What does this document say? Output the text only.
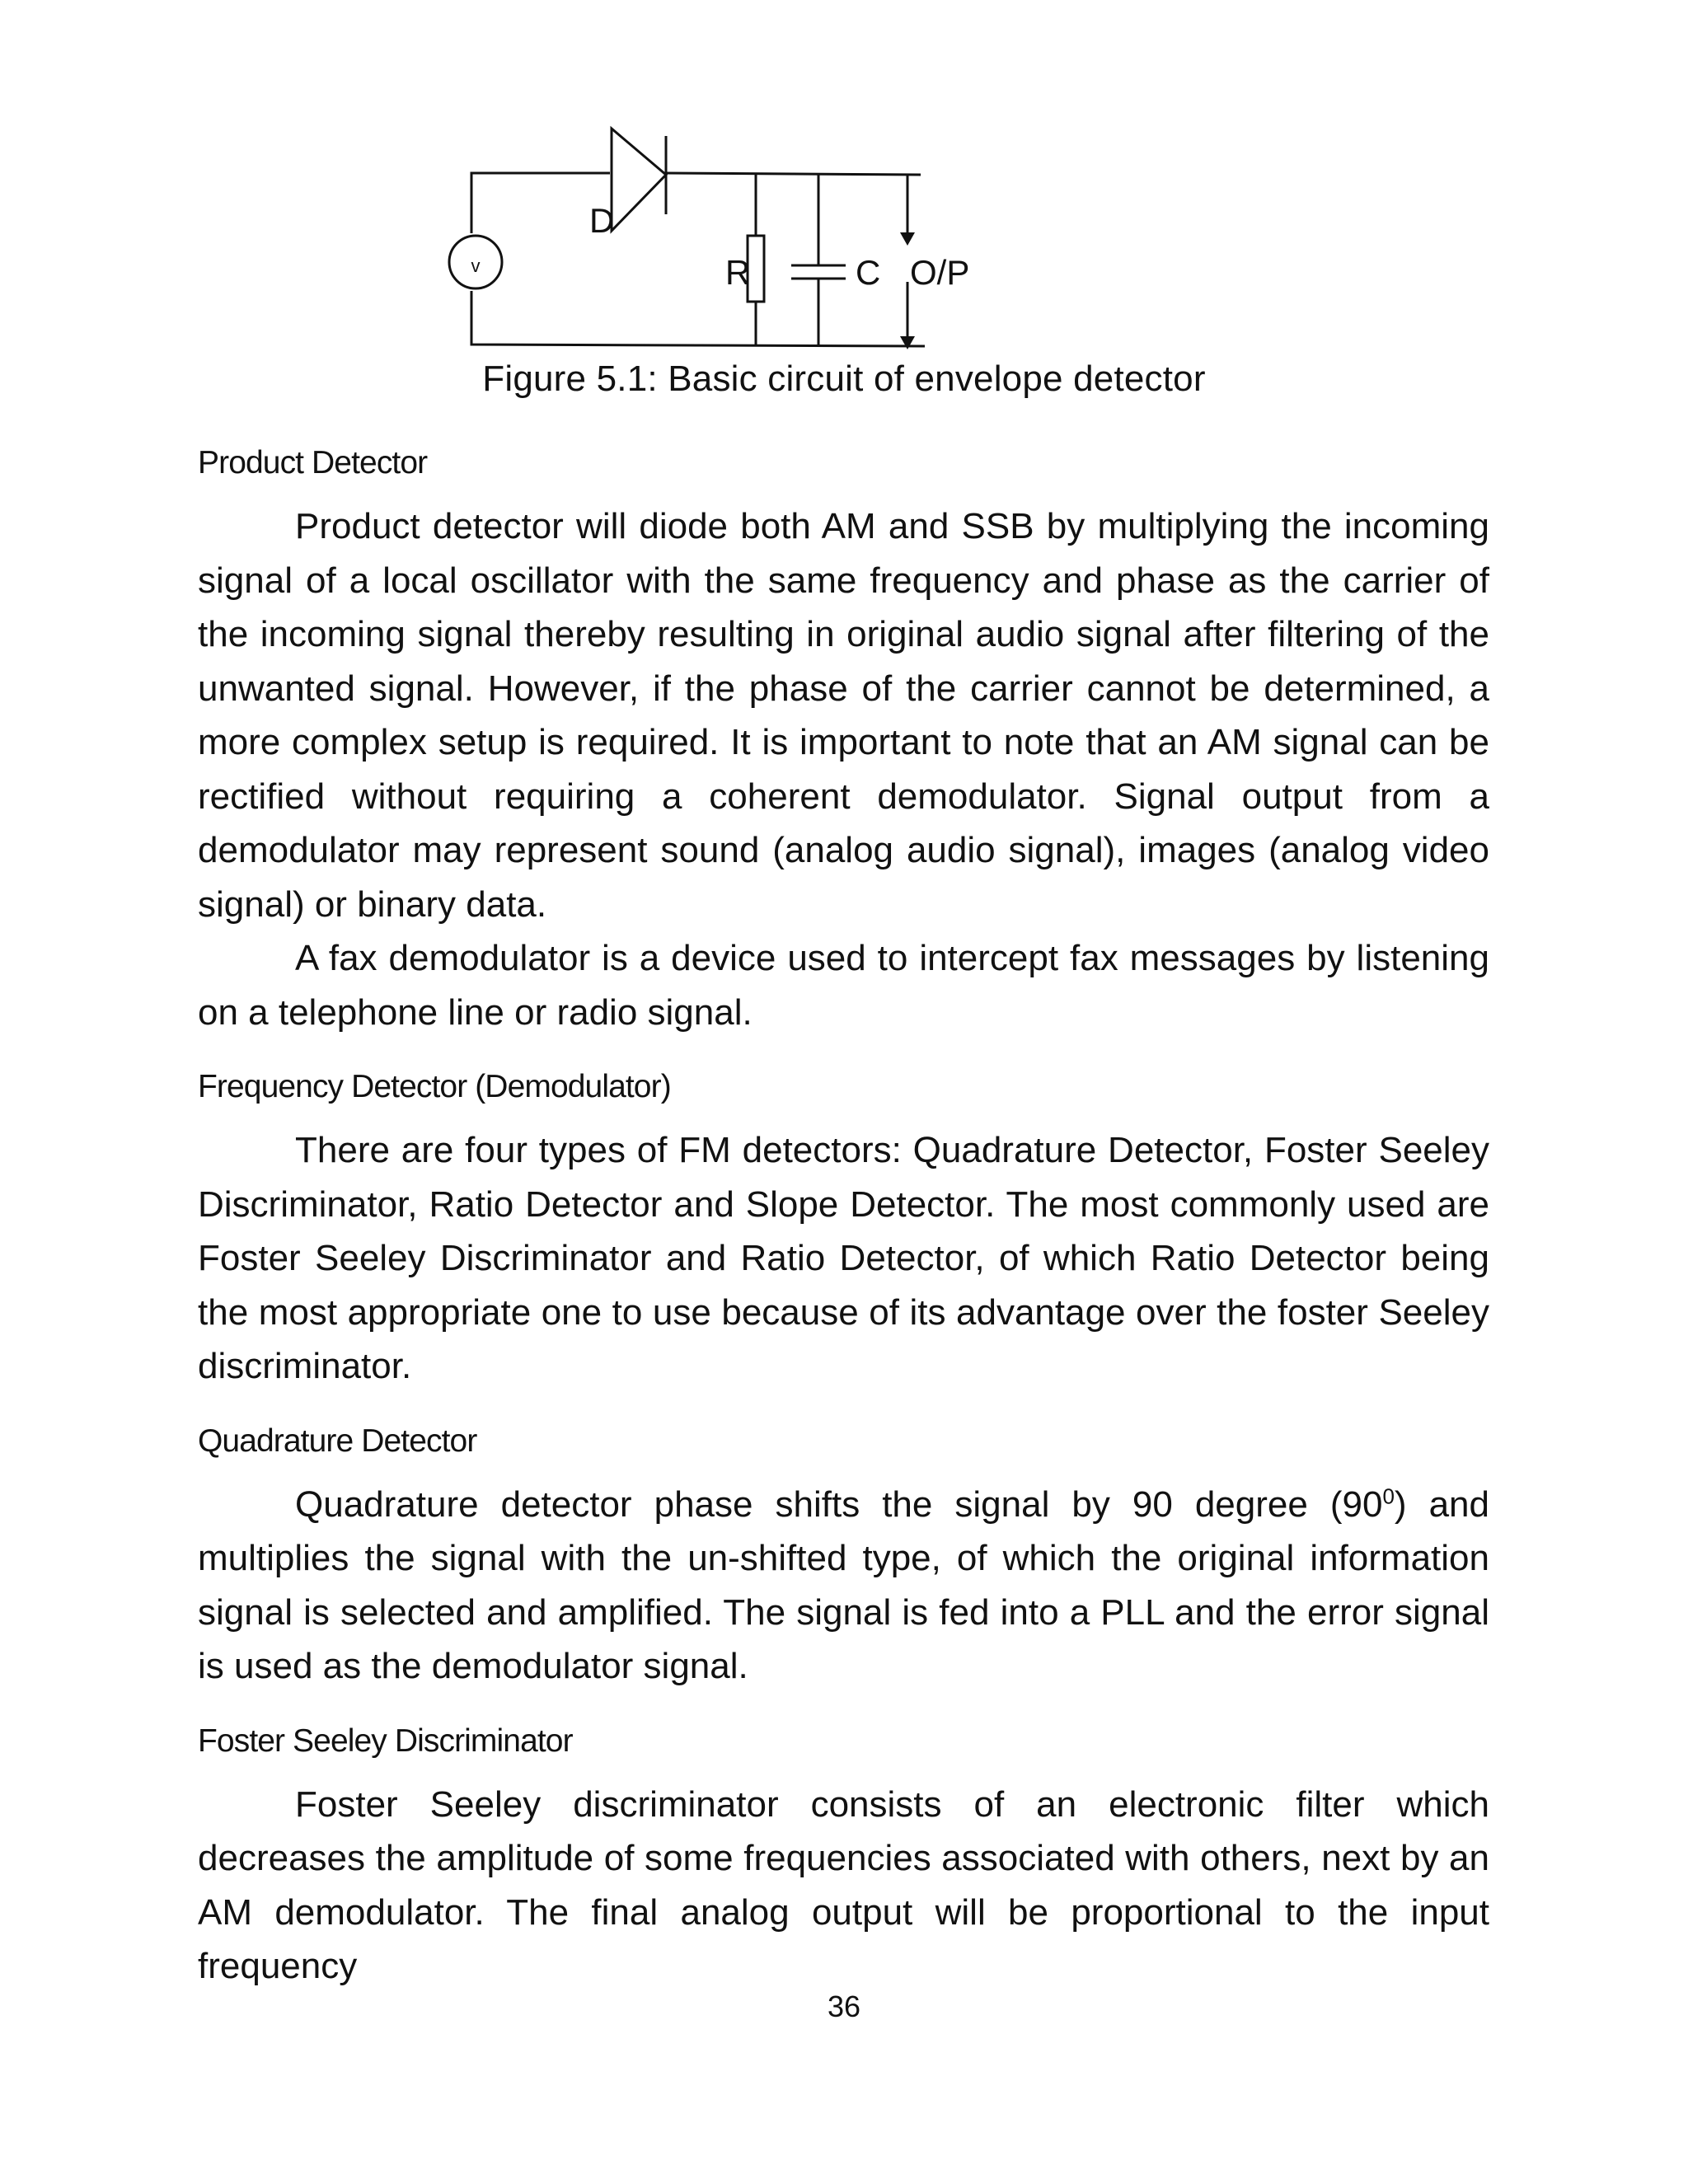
v
D
R	C O/P
Figure 5.1: Basic circuit of envelope detector

Product Detector

Product detector will diode both AM and SSB by multiplying the incoming signal of a local oscillator with the same frequency and phase as the carrier of the incoming signal thereby resulting in original audio signal after filtering of the unwanted signal. However, if the phase of the carrier cannot be determined, a more complex setup is required. It is important to note that an AM signal can be rectified without requiring a coherent demodulator. Signal output from a demodulator may represent sound (analog audio signal), images (analog video signal) or binary data.

A fax demodulator is a device used to intercept fax messages by listening on a telephone line or radio signal.

Frequency Detector (Demodulator)

There are four types of FM detectors: Quadrature Detector, Foster Seeley Discriminator, Ratio Detector and Slope Detector. The most commonly used are Foster Seeley Discriminator and Ratio Detector, of which Ratio Detector being the most appropriate one to use because of its advantage over the foster Seeley discriminator.

Quadrature Detector

Quadrature detector phase shifts the signal by 90 degree $(90^0)$ and multiplies the signal with the un-shifted type, of which the original information signal is selected and amplified. The signal is fed into a PLL and the error signal is used as the demodulator signal.

Foster Seeley Discriminator

Foster Seeley discriminator consists of an electronic filter which decreases the amplitude of some frequencies associated with others, next by an AM demodulator. The final analog output will be proportional to the input frequency

36
